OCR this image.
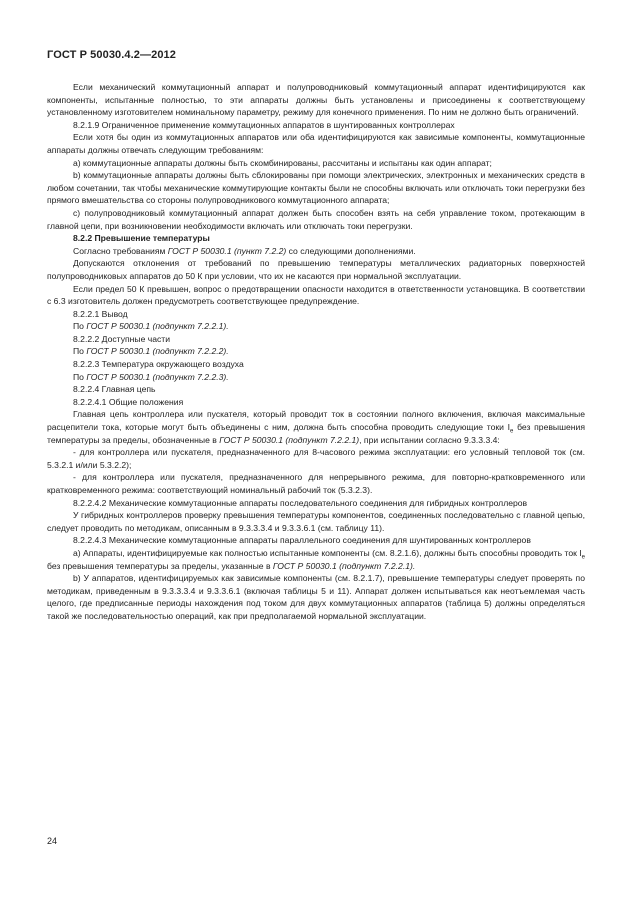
ГОСТ Р 50030.4.2—2012

Если механический коммутационный аппарат и полупроводниковый коммутационный аппарат идентифицируются как компоненты, испытанные полностью, то эти аппараты должны быть установлены и присоединены к соответствующему установленному изготовителем номинальному параметру, режиму для конечного применения. По ним не должно быть ограничений.

8.2.1.9 Ограниченное применение коммутационных аппаратов в шунтированных контроллерах

Если хотя бы один из коммутационных аппаратов или оба идентифицируются как зависимые компоненты, коммутационные аппараты должны отвечать следующим требованиям:

а) коммутационные аппараты должны быть скомбинированы, рассчитаны и испытаны как один аппарат;

b) коммутационные аппараты должны быть сблокированы при помощи электрических, электронных и механических средств в любом сочетании, так чтобы механические коммутирующие контакты были не способны включать или отключать токи перегрузки без прямого вмешательства со стороны полупроводникового коммутационного аппарата;

с) полупроводниковый коммутационный аппарат должен быть способен взять на себя управление током, протекающим в главной цепи, при возникновении необходимости включать или отключать токи перегрузки.

8.2.2 Превышение температуры

Согласно требованиям ГОСТ Р 50030.1 (пункт 7.2.2) со следующими дополнениями.

Допускаются отклонения от требований по превышению температуры металлических радиаторных поверхностей полупроводниковых аппаратов до 50 К при условии, что их не касаются при нормальной эксплуатации.

Если предел 50 К превышен, вопрос о предотвращении опасности находится в ответственности установщика. В соответствии с 6.3 изготовитель должен предусмотреть соответствующее предупреждение.

8.2.2.1 Вывод

По ГОСТ Р 50030.1 (подпункт 7.2.2.1).

8.2.2.2 Доступные части

По ГОСТ Р 50030.1 (подпункт 7.2.2.2).

8.2.2.3 Температура окружающего воздуха

По ГОСТ Р 50030.1 (подпункт 7.2.2.3).

8.2.2.4 Главная цепь

8.2.2.4.1 Общие положения

Главная цепь контроллера или пускателя, который проводит ток в состоянии полного включения, включая максимальные расцепители тока, которые могут быть объединены с ним, должна быть способна проводить следующие токи $I_e$ без превышения температуры за пределы, обозначенные в ГОСТ Р 50030.1 (подпункт 7.2.2.1), при испытании согласно 9.3.3.3.4:

- для контроллера или пускателя, предназначенного для 8-часового режима эксплуатации: его условный тепловой ток (см. 5.3.2.1 и/или 5.3.2.2);

- для контроллера или пускателя, предназначенного для непрерывного режима, для повторно-кратковременного или кратковременного режима: соответствующий номинальный рабочий ток (5.3.2.3).

8.2.2.4.2 Механические коммутационные аппараты последовательного соединения для гибридных контроллеров

У гибридных контроллеров проверку превышения температуры компонентов, соединенных последовательно с главной цепью, следует проводить по методикам, описанным в 9.3.3.3.4 и 9.3.3.6.1 (см. таблицу 11).

8.2.2.4.3 Механические коммутационные аппараты параллельного соединения для шунтированных контроллеров

а) Аппараты, идентифицируемые как полностью испытанные компоненты (см. 8.2.1.6), должны быть способны проводить ток $I_e$ без превышения температуры за пределы, указанные в ГОСТ Р 50030.1 (подпункт 7.2.2.1).

b) У аппаратов, идентифицируемых как зависимые компоненты (см. 8.2.1.7), превышение температуры следует проверять по методикам, приведенным в 9.3.3.3.4 и 9.3.3.6.1 (включая таблицы 5 и 11). Аппарат должен испытываться как неотъемлемая часть целого, где предписанные периоды нахождения под током для двух коммутационных аппаратов (таблица 5) должны определяться такой же последовательностью операций, как при предполагаемой нормальной эксплуатации.

24
